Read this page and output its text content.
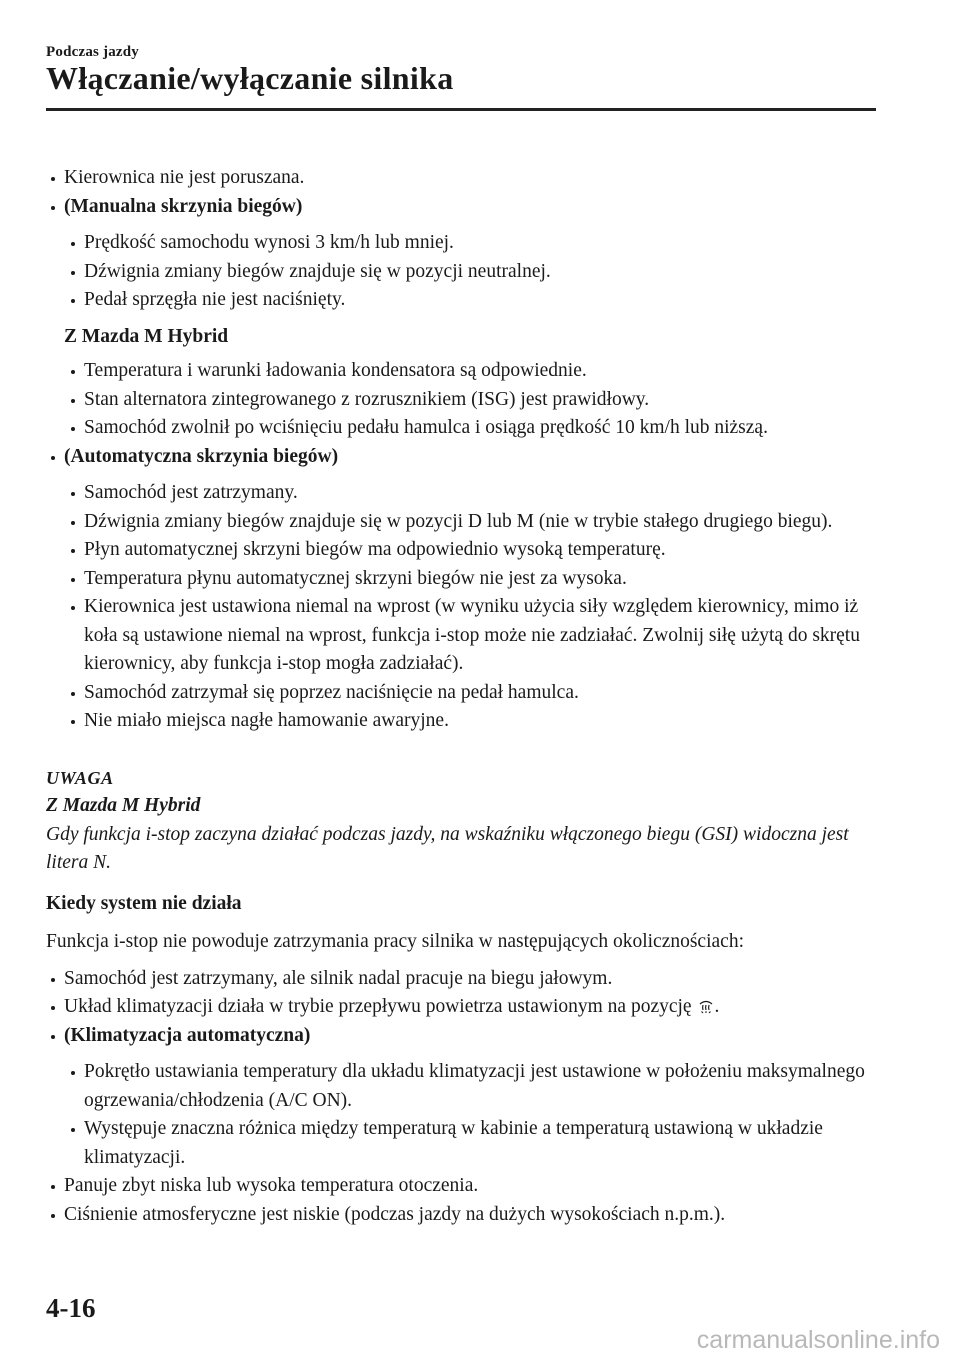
Podczas jazdy
Włączanie/wyłączanie silnika
Kierownica nie jest poruszana.
(Manualna skrzynia biegów)
Prędkość samochodu wynosi 3 km/h lub mniej.
Dźwignia zmiany biegów znajduje się w pozycji neutralnej.
Pedał sprzęgła nie jest naciśnięty.
Z Mazda M Hybrid
Temperatura i warunki ładowania kondensatora są odpowiednie.
Stan alternatora zintegrowanego z rozrusznikiem (ISG) jest prawidłowy.
Samochód zwolnił po wciśnięciu pedału hamulca i osiąga prędkość 10 km/h lub niższą.
(Automatyczna skrzynia biegów)
Samochód jest zatrzymany.
Dźwignia zmiany biegów znajduje się w pozycji D lub M (nie w trybie stałego drugiego biegu).
Płyn automatycznej skrzyni biegów ma odpowiednio wysoką temperaturę.
Temperatura płynu automatycznej skrzyni biegów nie jest za wysoka.
Kierownica jest ustawiona niemal na wprost (w wyniku użycia siły względem kierownicy, mimo iż koła są ustawione niemal na wprost, funkcja i-stop może nie zadziałać. Zwolnij siłę użytą do skrętu kierownicy, aby funkcja i-stop mogła zadziałać).
Samochód zatrzymał się poprzez naciśnięcie na pedał hamulca.
Nie miało miejsca nagłe hamowanie awaryjne.
UWAGA
Z Mazda M Hybrid
Gdy funkcja i-stop zaczyna działać podczas jazdy, na wskaźniku włączonego biegu (GSI) widoczna jest litera N.
Kiedy system nie działa
Funkcja i-stop nie powoduje zatrzymania pracy silnika w następujących okolicznościach:
Samochód jest zatrzymany, ale silnik nadal pracuje na biegu jałowym.
Układ klimatyzacji działa w trybie przepływu powietrza ustawionym na pozycję .
(Klimatyzacja automatyczna)
Pokrętło ustawiania temperatury dla układu klimatyzacji jest ustawione w położeniu maksymalnego ogrzewania/chłodzenia (A/C ON).
Występuje znaczna różnica między temperaturą w kabinie a temperaturą ustawioną w układzie klimatyzacji.
Panuje zbyt niska lub wysoka temperatura otoczenia.
Ciśnienie atmosferyczne jest niskie (podczas jazdy na dużych wysokościach n.p.m.).
4-16
carmanualsonline.info
